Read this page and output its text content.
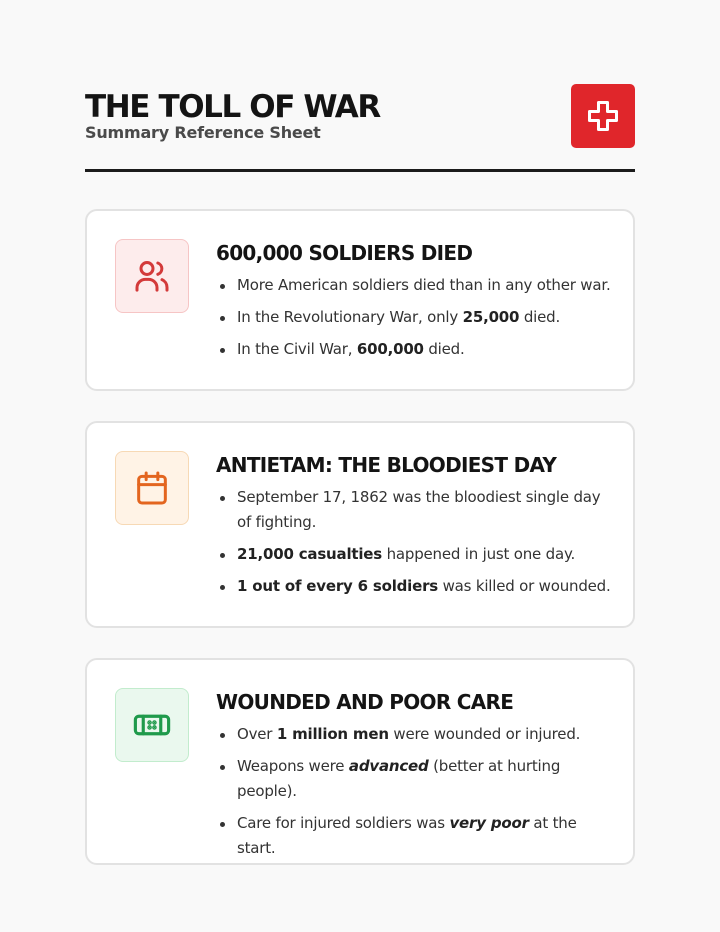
THE TOLL OF WAR
Summary Reference Sheet
600,000 SOLDIERS DIED
More American soldiers died than in any other war.
In the Revolutionary War, only 25,000 died.
In the Civil War, 600,000 died.
ANTIETAM: THE BLOODIEST DAY
September 17, 1862 was the bloodiest single day of fighting.
21,000 casualties happened in just one day.
1 out of every 6 soldiers was killed or wounded.
WOUNDED AND POOR CARE
Over 1 million men were wounded or injured.
Weapons were advanced (better at hurting people).
Care for injured soldiers was very poor at the start.
